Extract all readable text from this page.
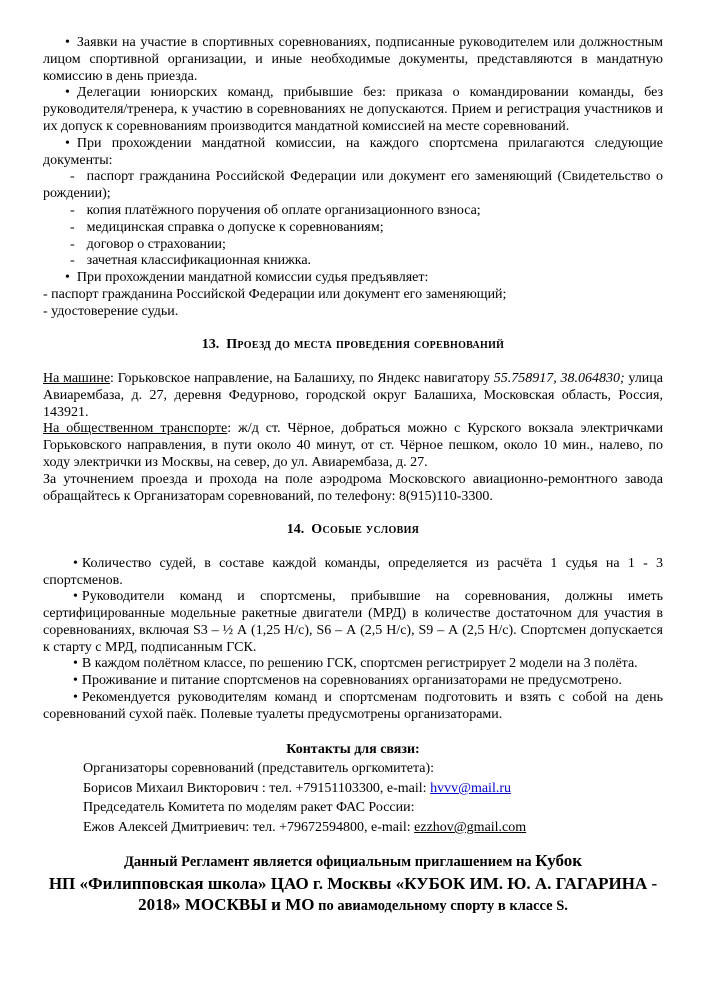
• Заявки на участие в спортивных соревнованиях, подписанные руководителем или должностным лицом спортивной организации, и иные необходимые документы, представляются в мандатную комиссию в день приезда.

• Делегации юниорских команд, прибывшие без: приказа о командировании команды, без руководителя/тренера, к участию в соревнованиях не допускаются. Прием и регистрация участников и их допуск к соревнованиям производится мандатной комиссией на месте соревнований.

• При прохождении мандатной комиссии, на каждого спортсмена прилагаются следующие документы:

- паспорт гражданина Российской Федерации или документ его заменяющий (Свидетельство о рождении);

- копия платёжного поручения об оплате организационного взноса;

- медицинская справка о допуске к соревнованиям;

- договор о страховании;

- зачетная классификационная книжка.

• При прохождении мандатной комиссии судья предъявляет:

- паспорт гражданина Российской Федерации или документ его заменяющий;

- удостоверение судьи.

13. Проезд до места проведения соревнований

На машине: Горьковское направление, на Балашиху, по Яндекс навигатору 55.758917, 38.064830; улица Авиарембаза, д. 27, деревня Федурново, городской округ Балашиха, Московская область, Россия, 143921.

На общественном транспорте: ж/д ст. Чёрное, добраться можно с Курского вокзала электричками Горьковского направления, в пути около 40 минут, от ст. Чёрное пешком, около 10 мин., налево, по ходу электрички из Москвы, на север, до ул. Авиарембаза, д. 27.

За уточнением проезда и прохода на поле аэродрома Московского авиационно-ремонтного завода обращайтесь к Организаторам соревнований, по телефону: 8(915)110-3300.

14. Особые условия

• Количество судей, в составе каждой команды, определяется из расчёта 1 судья на 1 - 3 спортсменов.

• Руководители команд и спортсмены, прибывшие на соревнования, должны иметь сертифицированные модельные ракетные двигатели (МРД) в количестве достаточном для участия в соревнованиях, включая S3 – ½ А (1,25 Н/с), S6 – А (2,5 Н/с), S9 – А (2,5 Н/с). Спортсмен допускается к старту с МРД, подписанным ГСК.

• В каждом полётном классе, по решению ГСК, спортсмен регистрирует 2 модели на 3 полёта.

• Проживание и питание спортсменов на соревнованиях организаторами не предусмотрено.

• Рекомендуется руководителям команд и спортсменам подготовить и взять с собой на день соревнований сухой паёк. Полевые туалеты предусмотрены организаторами.

Контакты для связи:

Организаторы соревнований (представитель оргкомитета):

Борисов Михаил Викторович : тел. +79151103300, e-mail: hvvv@mail.ru

Председатель Комитета по моделям ракет ФАС России:

Ежов Алексей Дмитриевич: тел. +79672594800, e-mail: ezzhov@gmail.com

Данный Регламент является официальным приглашением на Кубок
НП «Филипповская школа» ЦАО г. Москвы «КУБОК ИМ. Ю. А. ГАГАРИНА -
2018» МОСКВЫ и МО по авиамодельному спорту в классе S.
